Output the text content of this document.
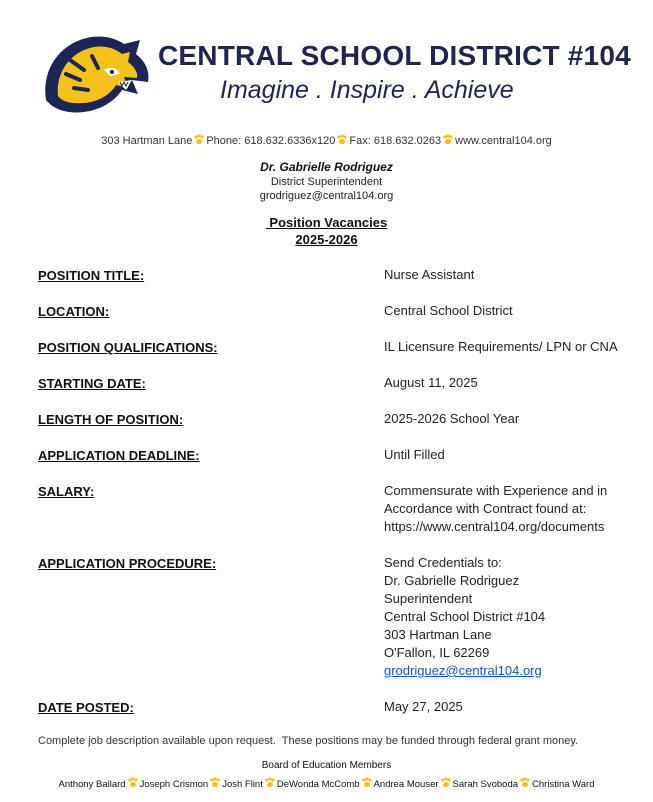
CENTRAL SCHOOL DISTRICT #104
Imagine . Inspire . Achieve
303 Hartman Lane Phone: 618.632.6336x120 Fax: 618.632.0263 www.central104.org
Dr. Gabrielle Rodriguez
District Superintendent
grodriguez@central104.org
Position Vacancies
2025-2026
POSITION TITLE:	Nurse Assistant
LOCATION:	Central School District
POSITION QUALIFICATIONS:	IL Licensure Requirements/ LPN or CNA
STARTING DATE:	August 11, 2025
LENGTH OF POSITION:	2025-2026 School Year
APPLICATION DEADLINE:	Until Filled
SALARY:	Commensurate with Experience and in
Accordance with Contract found at:
https://www.central104.org/documents
APPLICATION PROCEDURE:	Send Credentials to:
Dr. Gabrielle Rodriguez
Superintendent
Central School District #104
303 Hartman Lane
O'Fallon, IL 62269
grodriguez@central104.org
DATE POSTED:	May 27, 2025
Complete job description available upon request.  These positions may be funded through federal grant money.
Board of Education Members
Anthony Ballard Joseph Crismon Josh Flint DeWonda McComb Andrea Mouser Sarah Svoboda Christina Ward
